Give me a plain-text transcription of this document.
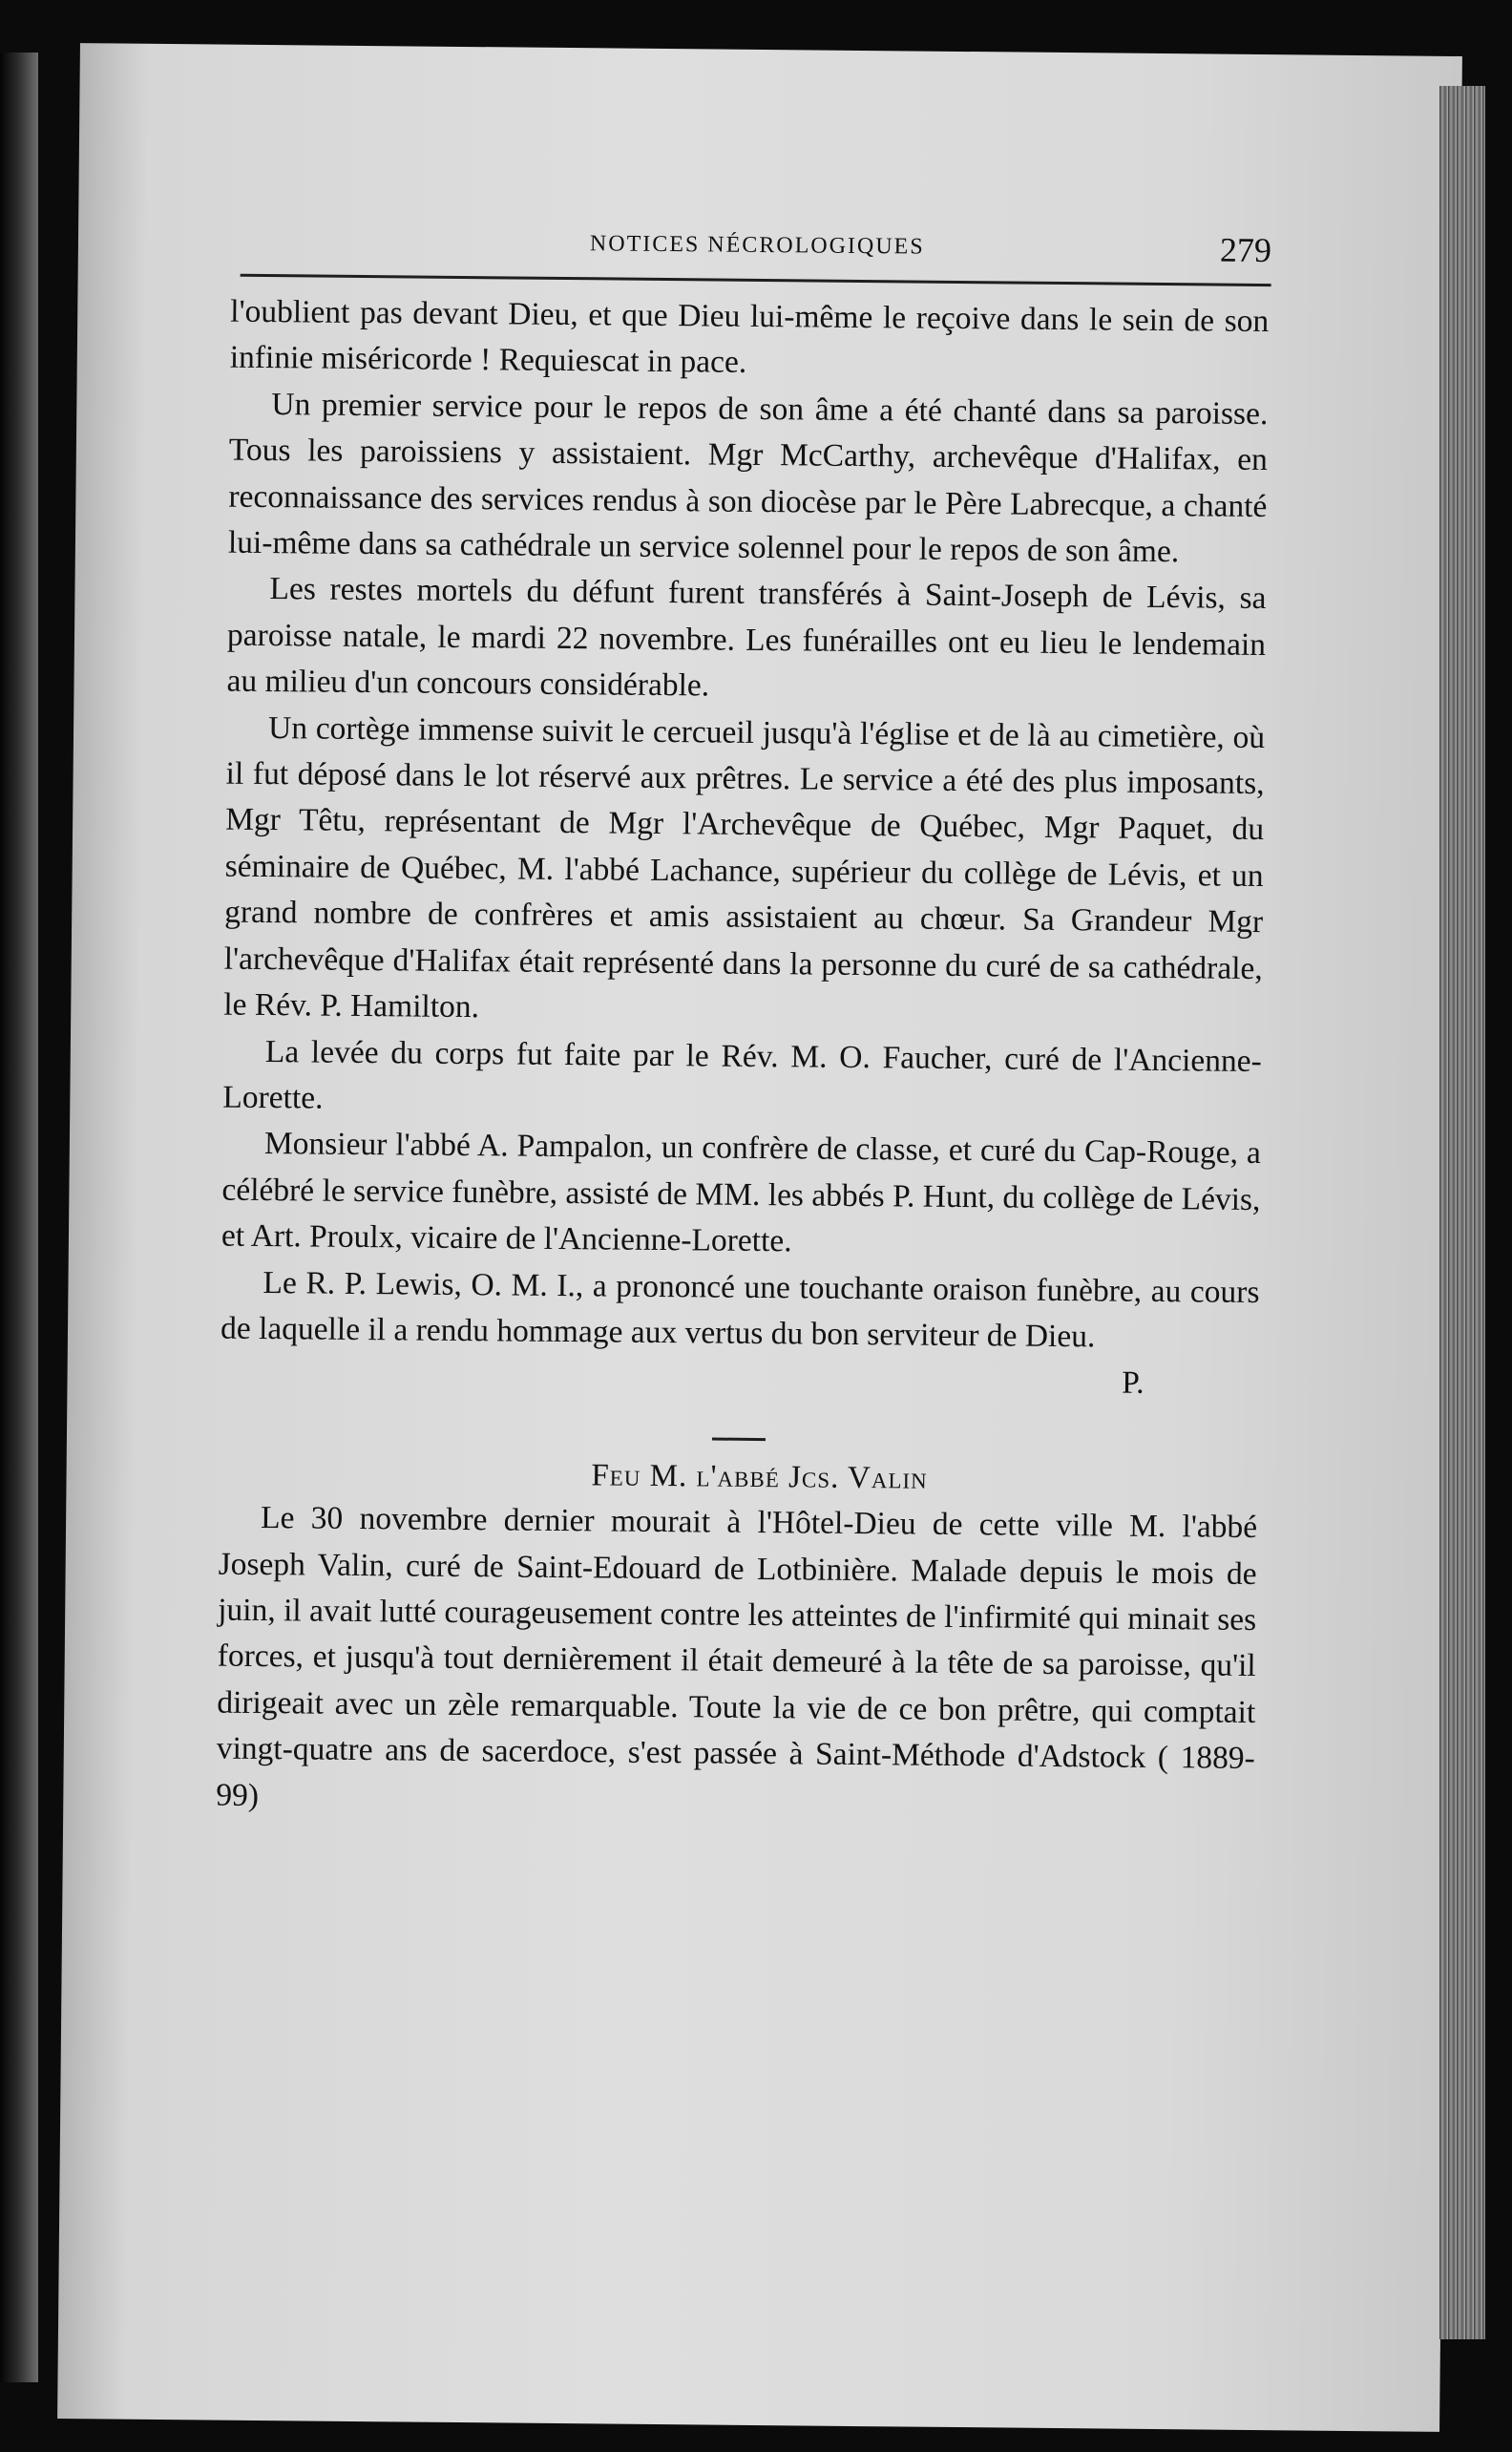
NOTICES NÉCROLOGIQUES	279

l'oublient pas devant Dieu, et que Dieu lui-même le reçoive dans le sein de son infinie miséricorde ! Requiescat in pace.

Un premier service pour le repos de son âme a été chanté dans sa paroisse. Tous les paroissiens y assistaient. Mgr McCarthy, archevêque d'Halifax, en reconnaissance des services rendus à son diocèse par le Père Labrecque, a chanté lui-même dans sa cathédrale un service solennel pour le repos de son âme.

Les restes mortels du défunt furent transférés à Saint-Joseph de Lévis, sa paroisse natale, le mardi 22 novembre. Les funérailles ont eu lieu le lendemain au milieu d'un concours considérable.

Un cortège immense suivit le cercueil jusqu'à l'église et de là au cimetière, où il fut déposé dans le lot réservé aux prêtres. Le service a été des plus imposants, Mgr Têtu, représentant de Mgr l'Archevêque de Québec, Mgr Paquet, du séminaire de Québec, M. l'abbé Lachance, supérieur du collège de Lévis, et un grand nombre de confrères et amis assistaient au chœur. Sa Grandeur Mgr l'archevêque d'Halifax était représenté dans la personne du curé de sa cathédrale, le Rév. P. Hamilton.

La levée du corps fut faite par le Rév. M. O. Faucher, curé de l'Ancienne-Lorette.

Monsieur l'abbé A. Pampalon, un confrère de classe, et curé du Cap-Rouge, a célébré le service funèbre, assisté de MM. les abbés P. Hunt, du collège de Lévis, et Art. Proulx, vicaire de l'Ancienne-Lorette.

Le R. P. Lewis, O. M. I., a prononcé une touchante oraison funèbre, au cours de laquelle il a rendu hommage aux vertus du bon serviteur de Dieu.

P.

Feu M. l'abbé Jcs. Valin

Le 30 novembre dernier mourait à l'Hôtel-Dieu de cette ville M. l'abbé Joseph Valin, curé de Saint-Edouard de Lotbinière. Malade depuis le mois de juin, il avait lutté courageusement contre les atteintes de l'infirmité qui minait ses forces, et jusqu'à tout dernièrement il était demeuré à la tête de sa paroisse, qu'il dirigeait avec un zèle remarquable. Toute la vie de ce bon prêtre, qui comptait vingt-quatre ans de sacerdoce, s'est passée à Saint-Méthode d'Adstock ( 1889-99)
